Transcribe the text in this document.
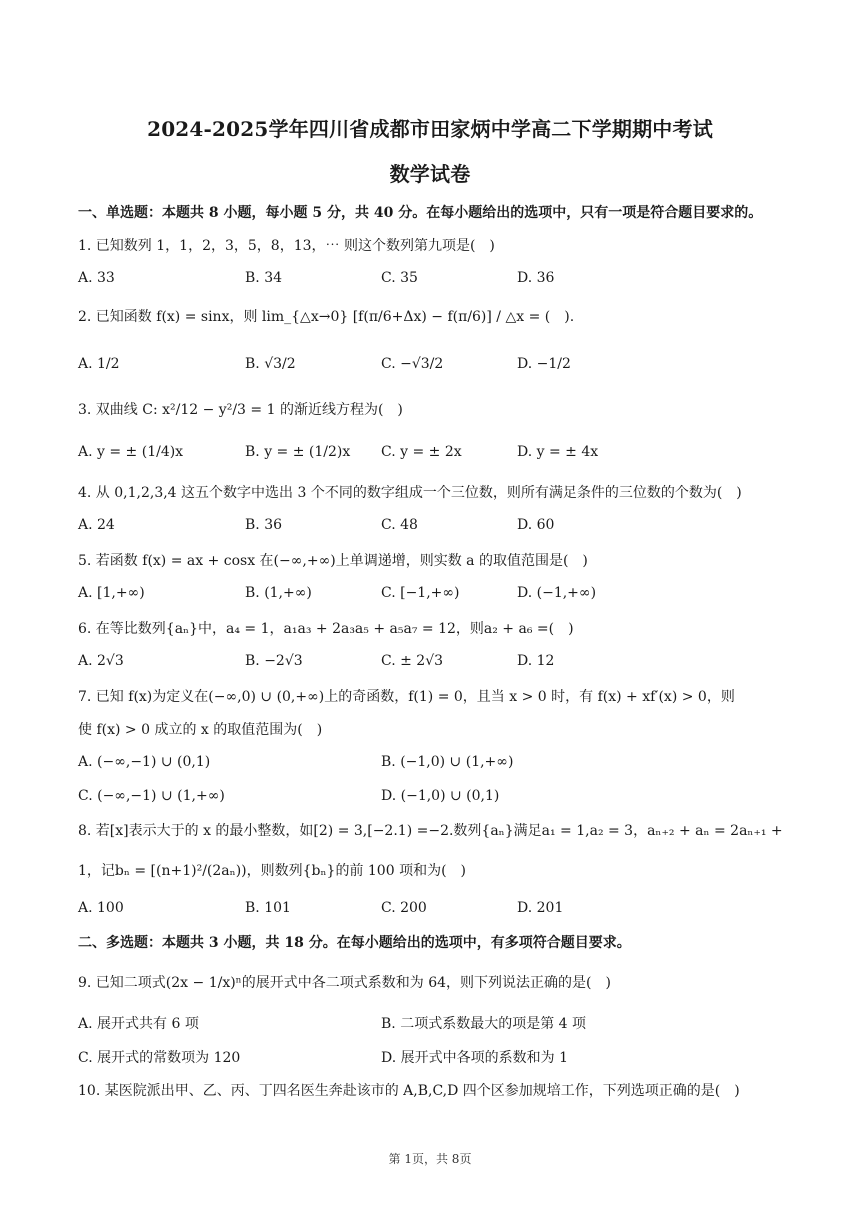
2024-2025学年四川省成都市田家炳中学高二下学期期中考试
数学试卷
一、单选题：本题共 8 小题，每小题 5 分，共 40 分。在每小题给出的选项中，只有一项是符合题目要求的。
1. 已知数列 1，1，2，3，5，8，13，⋯ 则这个数列第九项是(　)
A. 33	B. 34	C. 35	D. 36
2. 已知函数 f(x) = sinx，则 lim_{△x→0} [f(π/6+Δx) − f(π/6)] / △x = (　).
A. 1/2	B. √3/2	C. −√3/2	D. −1/2
3. 双曲线 C: x²/12 − y²/3 = 1 的渐近线方程为(　)
A. y = ± (1/4)x	B. y = ± (1/2)x C. y = ± 2x	D. y = ± 4x
4. 从 0,1,2,3,4 这五个数字中选出 3 个不同的数字组成一个三位数，则所有满足条件的三位数的个数为(　)
A. 24	B. 36	C. 48	D. 60
5. 若函数 f(x) = ax + cosx 在(−∞,+∞)上单调递增，则实数 a 的取值范围是(　)
A. [1,+∞)	B. (1,+∞)	C. [−1,+∞)	D. (−1,+∞)
6. 在等比数列{aₙ}中，a₄ = 1，a₁a₃ + 2a₃a₅ + a₅a₇ = 12，则a₂ + a₆ =(　)
A. 2√3	B. −2√3	C. ± 2√3	D. 12
7. 已知 f(x)为定义在(−∞,0) ∪ (0,+∞)上的奇函数，f(1) = 0，且当 x > 0 时，有 f(x) + xf′(x) > 0，则
使 f(x) > 0 成立的 x 的取值范围为(　)
A. (−∞,−1) ∪ (0,1)	B. (−1,0) ∪ (1,+∞)
C. (−∞,−1) ∪ (1,+∞)	D. (−1,0) ∪ (0,1)
8. 若[x]表示大于的 x 的最小整数，如[2) = 3,[−2.1) =−2.数列{aₙ}满足a₁ = 1,a₂ = 3，aₙ₊₂ + aₙ = 2aₙ₊₁ +
1，记bₙ = [(n+1)²/(2aₙ))，则数列{bₙ}的前 100 项和为(　)
A. 100	B. 101	C. 200	D. 201
二、多选题：本题共 3 小题，共 18 分。在每小题给出的选项中，有多项符合题目要求。
9. 已知二项式(2x − 1/x)ⁿ的展开式中各二项式系数和为 64，则下列说法正确的是(　)
A. 展开式共有 6 项	B. 二项式系数最大的项是第 4 项
C. 展开式的常数项为 120	D. 展开式中各项的系数和为 1
10. 某医院派出甲、乙、丙、丁四名医生奔赴该市的 A,B,C,D 四个区参加规培工作，下列选项正确的是(　)
第 1页，共 8页
